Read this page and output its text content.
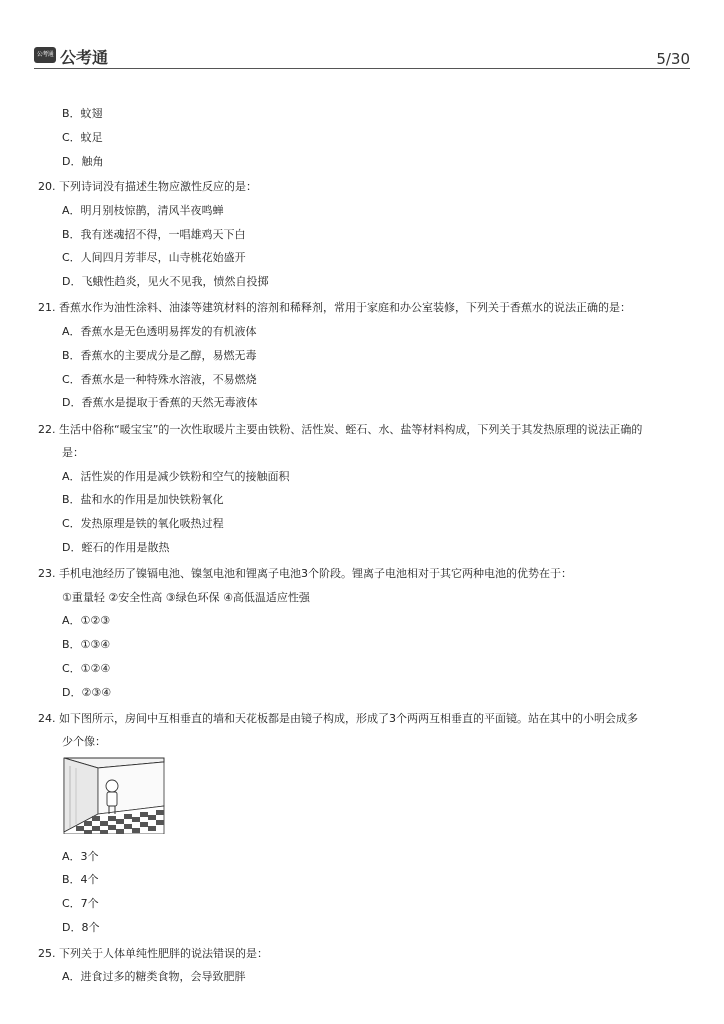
公考通 公考通	5/30
B．蚊翅
C．蚊足
D．触角
20. 下列诗词没有描述生物应激性反应的是：
A．明月别枝惊鹊，清风半夜鸣蝉
B．我有迷魂招不得，一唱雄鸡天下白
C．人间四月芳菲尽，山寺桃花始盛开
D．飞蛾性趋炎，见火不见我，愤然自投掷
21. 香蕉水作为油性涂料、油漆等建筑材料的溶剂和稀释剂，常用于家庭和办公室装修，下列关于香蕉水的说法正确的是：
A．香蕉水是无色透明易挥发的有机液体
B．香蕉水的主要成分是乙醇，易燃无毒
C．香蕉水是一种特殊水溶液，不易燃烧
D．香蕉水是提取于香蕉的天然无毒液体
22. 生活中俗称“暖宝宝”的一次性取暖片主要由铁粉、活性炭、蛭石、水、盐等材料构成，下列关于其发热原理的说法正确的
是：
A．活性炭的作用是减少铁粉和空气的接触面积
B．盐和水的作用是加快铁粉氧化
C．发热原理是铁的氧化吸热过程
D．蛭石的作用是散热
23. 手机电池经历了镍镉电池、镍氢电池和锂离子电池3个阶段。锂离子电池相对于其它两种电池的优势在于：
①重量轻 ②安全性高 ③绿色环保 ④高低温适应性强
A．①②③
B．①③④
C．①②④
D．②③④
24. 如下图所示，房间中互相垂直的墙和天花板都是由镜子构成，形成了3个两两互相垂直的平面镜。站在其中的小明会成多
少个像：
A．3个
B．4个
C．7个
D．8个
25. 下列关于人体单纯性肥胖的说法错误的是：
A．进食过多的糖类食物，会导致肥胖
